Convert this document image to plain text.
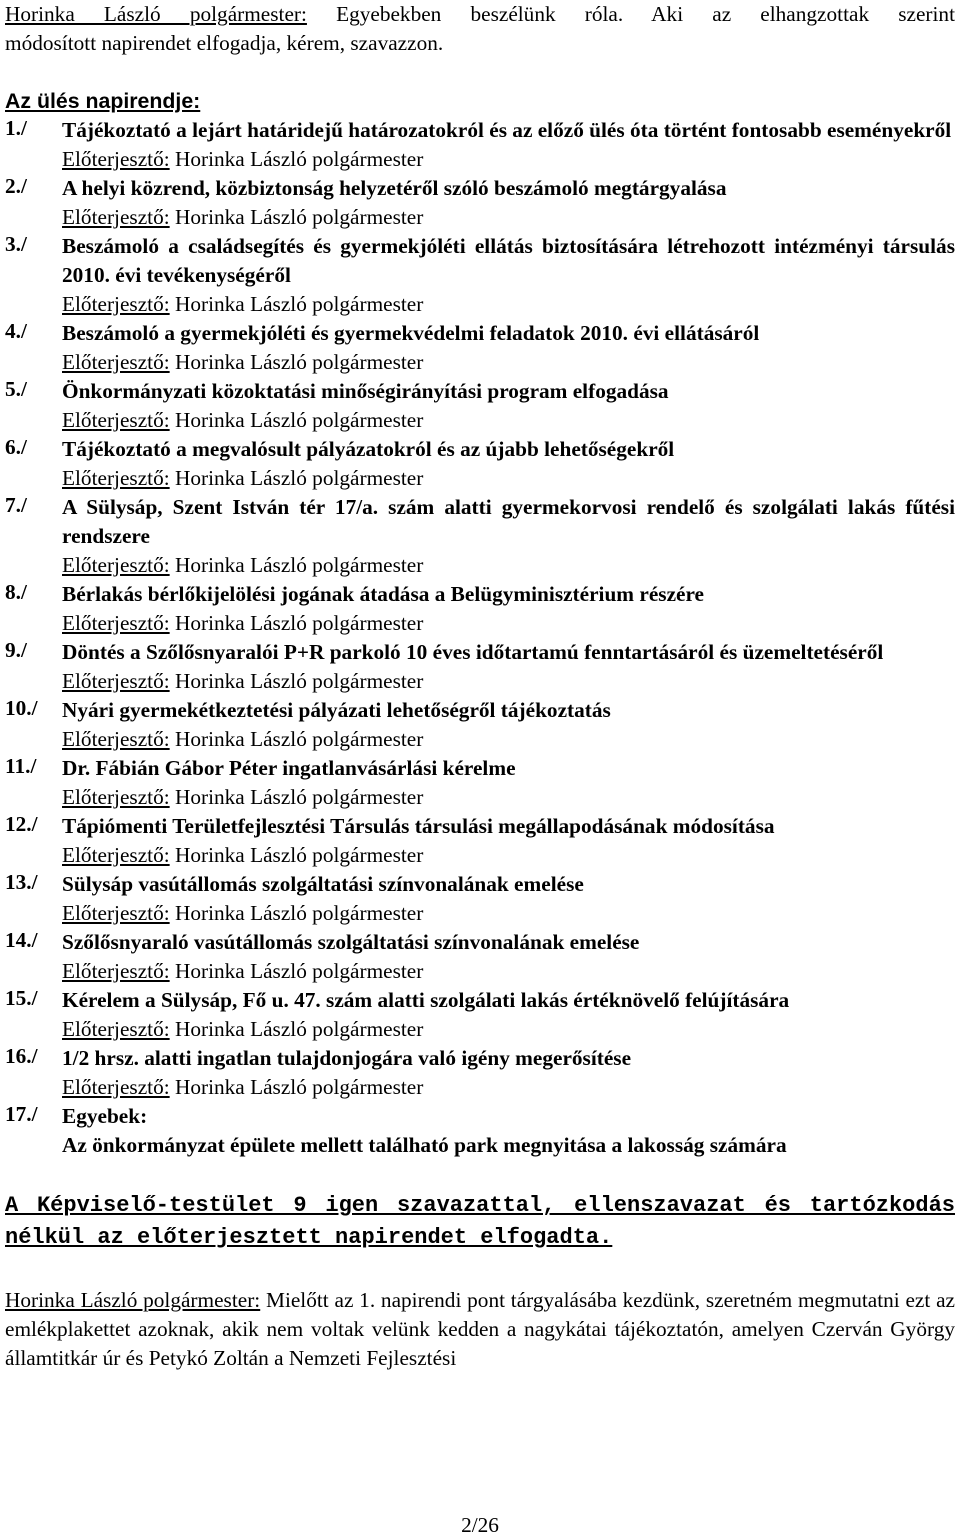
Horinka László polgármester: Egyebekben beszélünk róla. Aki az elhangzottak szerint
módosított napirendet elfogadja, kérem, szavazzon.
Az ülés napirendje:
1./ Tájékoztató a lejárt határidejű határozatokról és az előző ülés óta történt fontosabb eseményekről
Előterjesztő: Horinka László polgármester
2./ A helyi közrend, közbiztonság helyzetéről szóló beszámoló megtárgyalása
Előterjesztő: Horinka László polgármester
3./ Beszámoló a családsegítés és gyermekjóléti ellátás biztosítására létrehozott intézményi társulás 2010. évi tevékenységéről
Előterjesztő: Horinka László polgármester
4./ Beszámoló a gyermekjóléti és gyermekvédelmi feladatok 2010. évi ellátásáról
Előterjesztő: Horinka László polgármester
5./ Önkormányzati közoktatási minőségirányítási program elfogadása
Előterjesztő: Horinka László polgármester
6./ Tájékoztató a megvalósult pályázatokról és az újabb lehetőségekről
Előterjesztő: Horinka László polgármester
7./ A Sülysáp, Szent István tér 17/a. szám alatti gyermekorvosi rendelő és szolgálati lakás fűtési rendszere
Előterjesztő: Horinka László polgármester
8./ Bérlakás bérlőkijelölési jogának átadása a Belügyminisztérium részére
Előterjesztő: Horinka László polgármester
9./ Döntés a Szőlősnyaralói P+R parkoló 10 éves időtartamú fenntartásáról és üzemeltetéséről
Előterjesztő: Horinka László polgármester
10./ Nyári gyermekétkeztetési pályázati lehetőségről tájékoztatás
Előterjesztő: Horinka László polgármester
11./ Dr. Fábián Gábor Péter ingatlanvásárlási kérelme
Előterjesztő: Horinka László polgármester
12./ Tápiómenti Területfejlesztési Társulás társulási megállapodásának módosítása
Előterjesztő: Horinka László polgármester
13./ Sülysáp vasútállomás szolgáltatási színvonalának emelése
Előterjesztő: Horinka László polgármester
14./ Szőlősnyaraló vasútállomás szolgáltatási színvonalának emelése
Előterjesztő: Horinka László polgármester
15./ Kérelem a Sülysáp, Fő u. 47. szám alatti szolgálati lakás értéknövelő felújítására
Előterjesztő: Horinka László polgármester
16./ 1/2 hrsz. alatti ingatlan tulajdonjogára való igény megerősítése
Előterjesztő: Horinka László polgármester
17./ Egyebek:
Az önkormányzat épülete mellett található park megnyitása a lakosság számára
A Képviselő-testület 9 igen szavazattal, ellenszavazat és tartózkodás nélkül az előterjesztett napirendet elfogadta.
Horinka László polgármester: Mielőtt az 1. napirendi pont tárgyalásába kezdünk, szeretném megmutatni ezt az emlékplakettet azoknak, akik nem voltak velünk kedden a nagykátai tájékoztatón, amelyen Czerván György államtitkár úr és Petykó Zoltán a Nemzeti Fejlesztési
2/26
